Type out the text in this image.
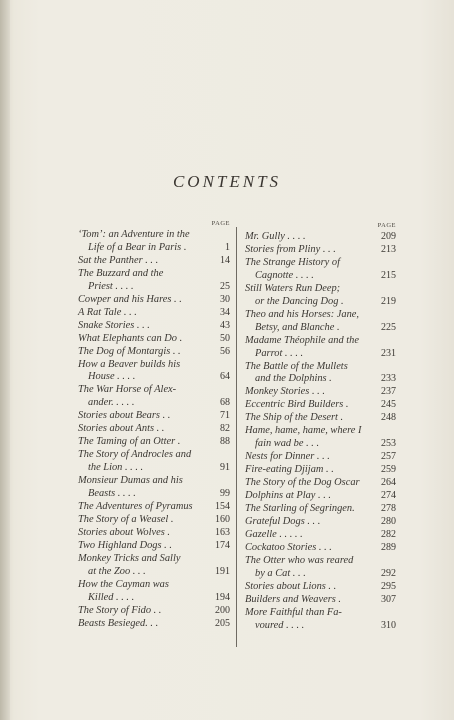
CONTENTS
PAGE
‘Tom’: an Adventure in the
Life of a Bear in Paris .	1
Sat the Panther . . .	14
The Buzzard and the
Priest . . . .	25
Cowper and his Hares . .	30
A Rat Tale . . .	34
Snake Stories . . .	43
What Elephants can Do .	50
The Dog of Montargis . .	56
How a Beaver builds his
House . . . .	64
The War Horse of Alex-
ander. . . . .	68
Stories about Bears . .	71
Stories about Ants . .	82
The Taming of an Otter .	88
The Story of Androcles and
the Lion . . . .	91
Monsieur Dumas and his
Beasts . . . .	99
The Adventures of Pyramus	154
The Story of a Weasel .	160
Stories about Wolves .	163
Two Highland Dogs . .	174
Monkey Tricks and Sally
at the Zoo . . .	191
How the Cayman was
Killed . . . .	194
The Story of Fido . .	200
Beasts Besieged. . .	205
PAGE
Mr. Gully . . . .	209
Stories from Pliny . . .	213
The Strange History of
Cagnotte . . . .	215
Still Waters Run Deep;
or the Dancing Dog .	219
Theo and his Horses: Jane,
Betsy, and Blanche .	225
Madame Théophile and the
Parrot . . . .	231
The Battle of the Mullets
and the Dolphins .	233
Monkey Stories . . .	237
Eccentric Bird Builders .	245
The Ship of the Desert .	248
Hame, hame, hame, where I
fain wad be . . .	253
Nests for Dinner . . .	257
Fire-eating Djijam . .	259
The Story of the Dog Oscar	264
Dolphins at Play . . .	274
The Starling of Segringen.	278
Grateful Dogs . . .	280
Gazelle . . . . .	282
Cockatoo Stories . . .	289
The Otter who was reared
by a Cat . . .	292
Stories about Lions . .	295
Builders and Weavers .	307
More Faithful than Fa-
voured . . . .	310
